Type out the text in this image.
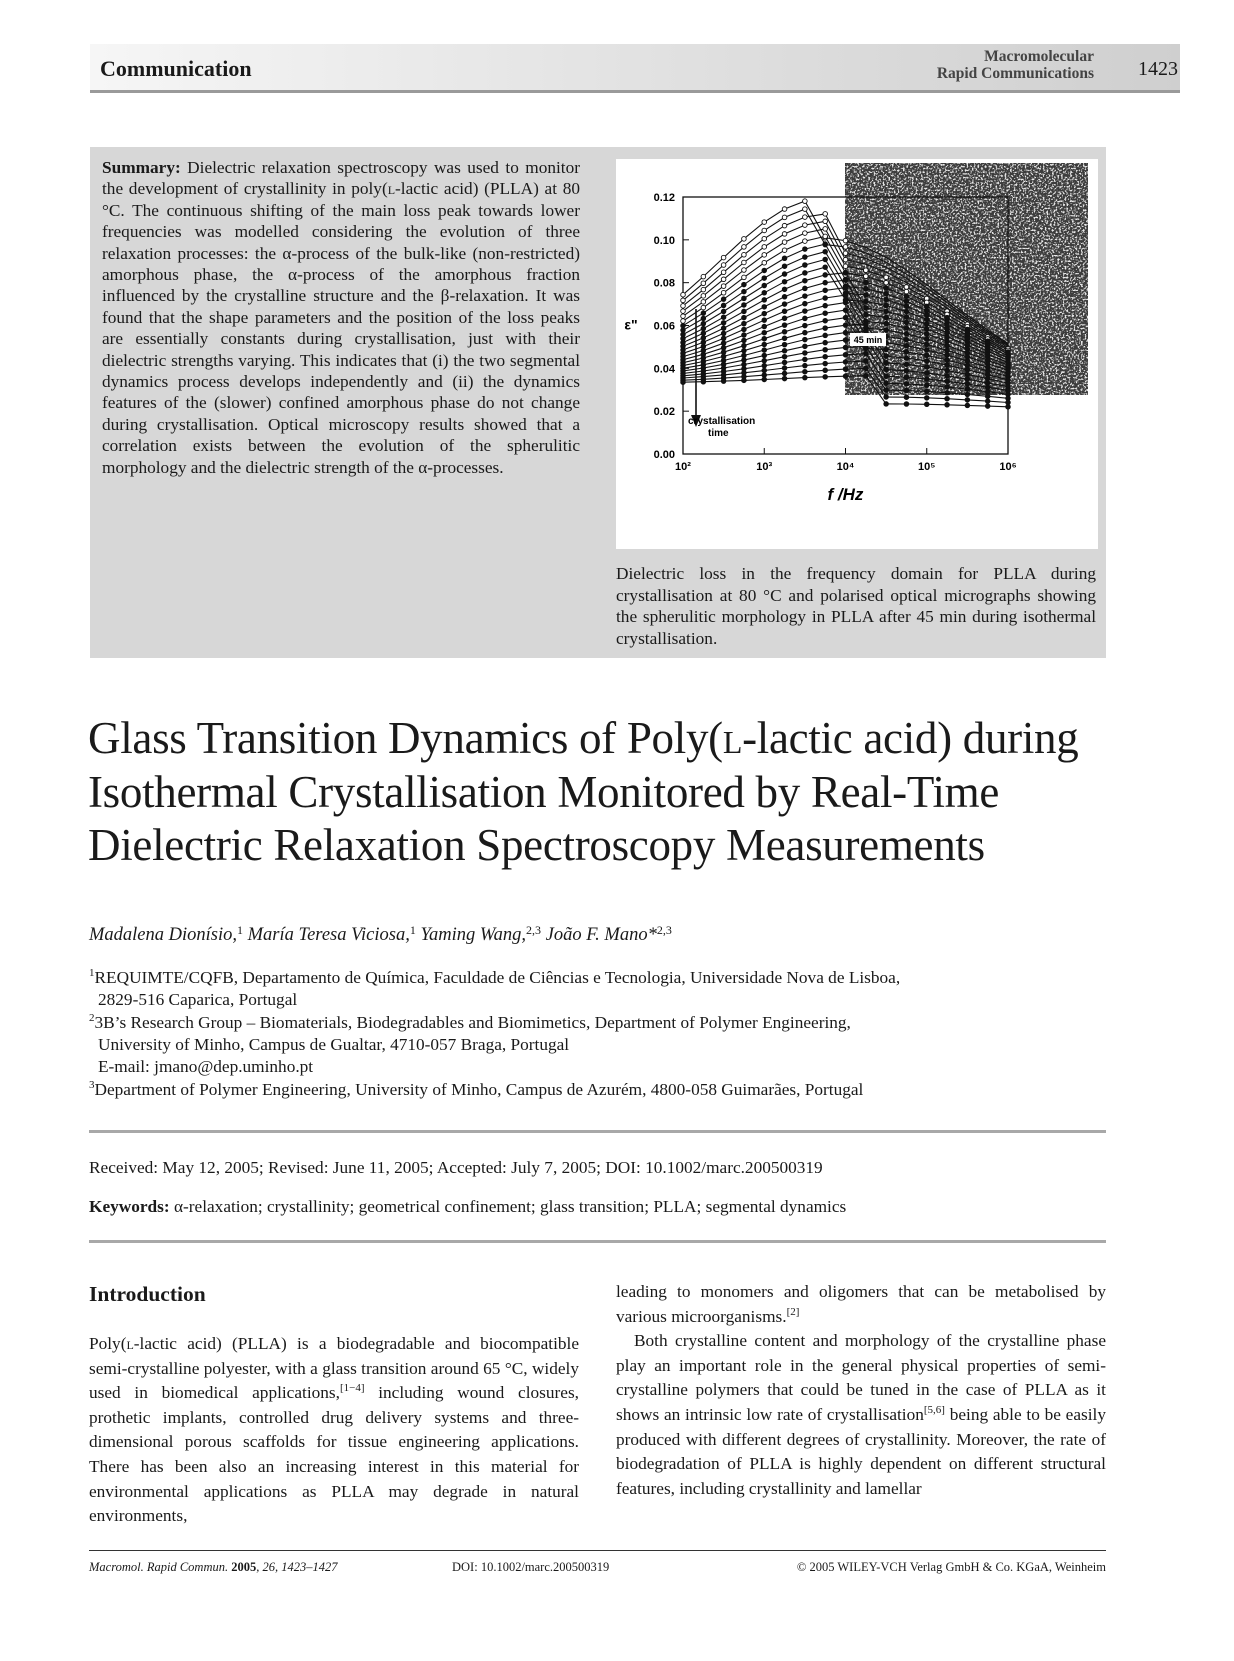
Communication	Macromolecular
Rapid Communications 1423
Summary: Dielectric relaxation spectroscopy was used to monitor the development of crystallinity in poly(l-lactic acid) (PLLA) at 80 °C. The continuous shifting of the main loss peak towards lower frequencies was modelled considering the evolution of three relaxation processes: the α-process of the bulk-like (non-restricted) amorphous phase, the α-process of the amorphous fraction influenced by the crystalline structure and the β-relaxation. It was found that the shape parameters and the position of the loss peaks are essentially constants during crystallisation, just with their dielectric strengths varying. This indicates that (i) the two segmental dynamics process develops independently and (ii) the dynamics features of the (slower) confined amorphous phase do not change during crystallisation. Optical microscopy results showed that a correlation exists between the evolution of the spherulitic morphology and the dielectric strength of the α-processes.
0.00
0.02
0.04
0.06
0.08
0.10
0.12
10²	10³	10⁴	10⁵	10⁶
f /Hz
ε"
crystallisation
time
45 min
Dielectric loss in the frequency domain for PLLA during crystallisation at 80 °C and polarised optical micrographs showing the spherulitic morphology in PLLA after 45 min during isothermal crystallisation.
Glass Transition Dynamics of Poly(l-lactic acid) during
Isothermal Crystallisation Monitored by Real-Time
Dielectric Relaxation Spectroscopy Measurements
Madalena Dionísio,$^1$ María Teresa Viciosa,$^1$ Yaming Wang,$^{2,3}$ João F. Mano*$^{2,3}$
$^1$REQUIMTE/CQFB, Departamento de Química, Faculdade de Ciências e Tecnologia, Universidade Nova de Lisboa,
2829-516 Caparica, Portugal
$^2$3B’s Research Group – Biomaterials, Biodegradables and Biomimetics, Department of Polymer Engineering,
University of Minho, Campus de Gualtar, 4710-057 Braga, Portugal
E-mail: jmano@dep.uminho.pt
$^3$Department of Polymer Engineering, University of Minho, Campus de Azurém, 4800-058 Guimarães, Portugal
Received: May 12, 2005; Revised: June 11, 2005; Accepted: July 7, 2005; DOI: 10.1002/marc.200500319
Keywords: α-relaxation; crystallinity; geometrical confinement; glass transition; PLLA; segmental dynamics
Introduction
Poly(l-lactic acid) (PLLA) is a biodegradable and biocompatible semi-crystalline polyester, with a glass transition around 65 °C, widely used in biomedical applications,[1−4] including wound closures, prothetic implants, controlled drug delivery systems and three-dimensional porous scaffolds for tissue engineering applications. There has been also an increasing interest in this material for environmental applications as PLLA may degrade in natural environments,
leading to monomers and oligomers that can be metabolised by various microorganisms.[2]
Both crystalline content and morphology of the crystalline phase play an important role in the general physical properties of semi-crystalline polymers that could be tuned in the case of PLLA as it shows an intrinsic low rate of crystallisation[5,6] being able to be easily produced with different degrees of crystallinity. Moreover, the rate of biodegradation of PLLA is highly dependent on different structural features, including crystallinity and lamellar
Macromol. Rapid Commun. 2005, 26, 1423–1427	DOI: 10.1002/marc.200500319	© 2005 WILEY-VCH Verlag GmbH & Co. KGaA, Weinheim
